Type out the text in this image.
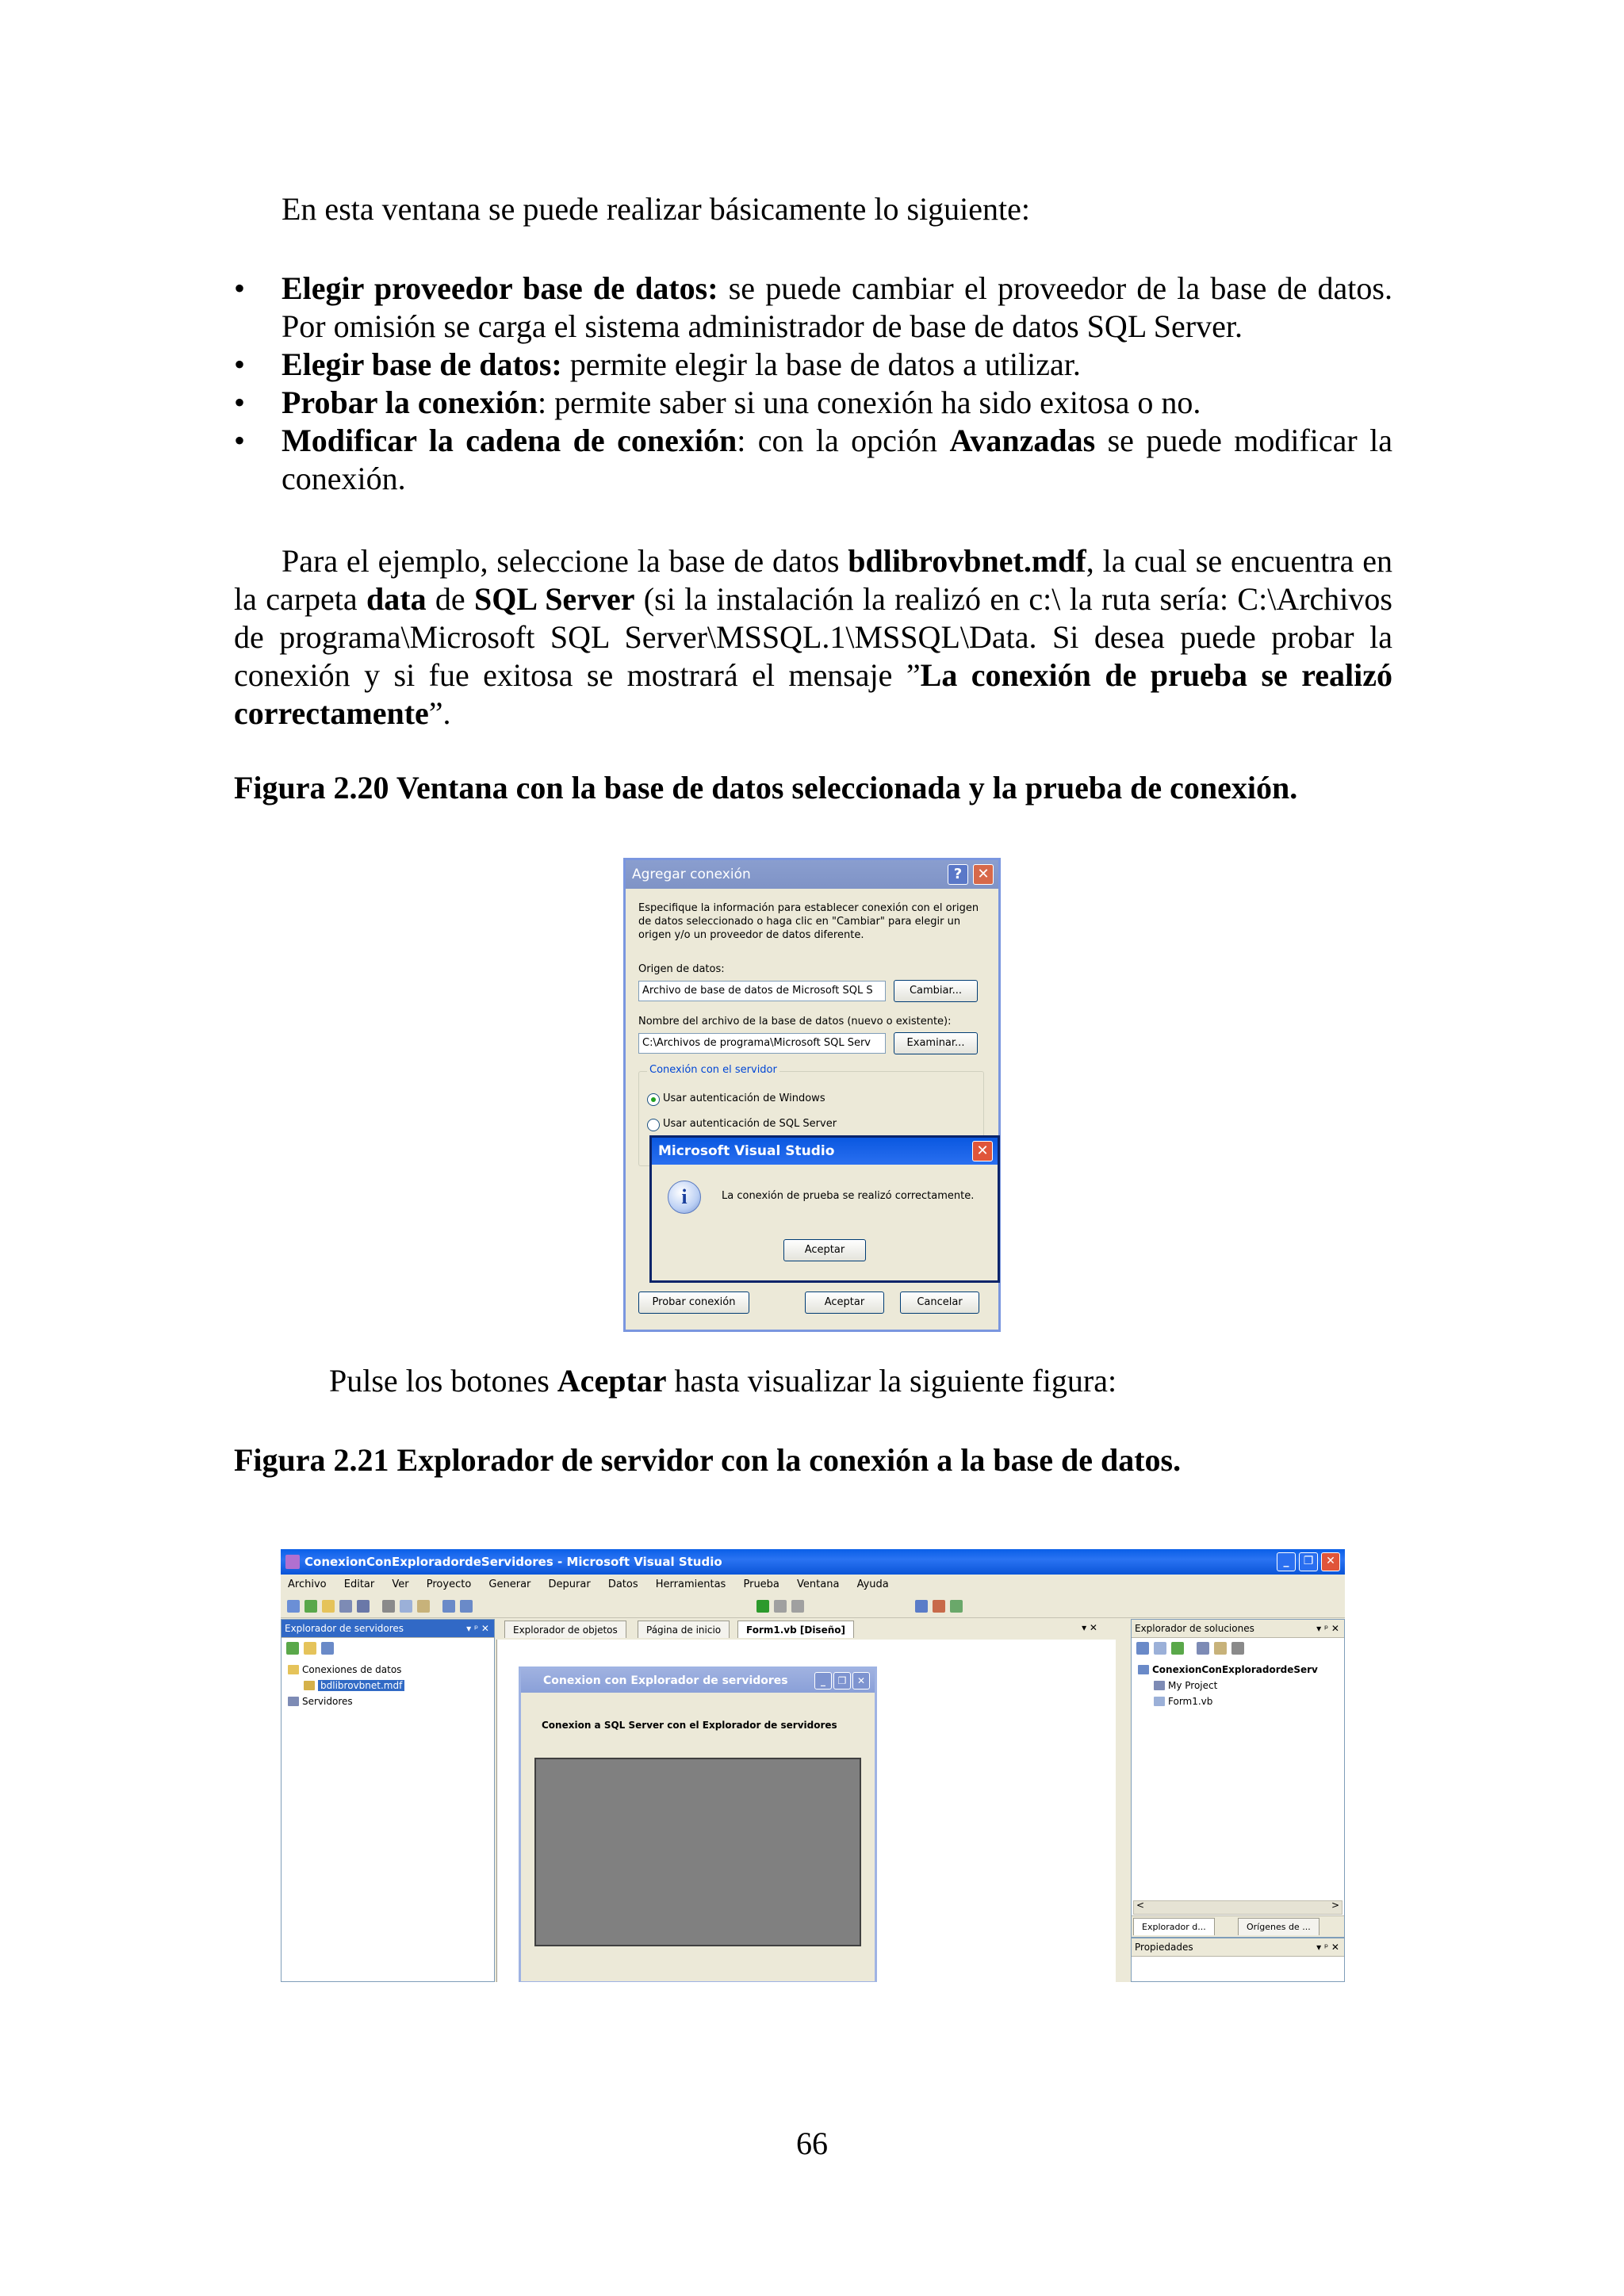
En esta ventana se puede realizar básicamente lo siguiente:
• Elegir proveedor base de datos: se puede cambiar el proveedor de la base de datos. Por omisión se carga el sistema administrador de base de datos SQL Server.
• Elegir base de datos: permite elegir la base de datos a utilizar.
• Probar la conexión: permite saber si una conexión ha sido exitosa o no.
• Modificar la cadena de conexión: con la opción Avanzadas se puede modificar la conexión.
Para el ejemplo, seleccione la base de datos bdlibrovbnet.mdf, la cual se encuentra en la carpeta data de SQL Server (si la instalación la realizó en c:\ la ruta sería: C:\Archivos de programa\Microsoft SQL Server\MSSQL.1\MSSQL\Data. Si desea puede probar la conexión y si fue exitosa se mostrará el mensaje ”La conexión de prueba se realizó correctamente”.
Figura 2.20 Ventana con la base de datos seleccionada y la prueba de conexión.
Agregar conexión	?	✕
Especifique la información para establecer conexión con el origen de datos seleccionado o haga clic en "Cambiar" para elegir un origen y/o un proveedor de datos diferente.
Origen de datos:
Archivo de base de datos de Microsoft SQL S	Cambiar...
Nombre del archivo de la base de datos (nuevo o existente):
C:\Archivos de programa\Microsoft SQL Serv	Examinar...
Conexión con el servidor
Usar autenticación de Windows
Usar autenticación de SQL Server
Probar conexión	Aceptar	Cancelar
Microsoft Visual Studio	✕
i	La conexión de prueba se realizó correctamente.
Aceptar
Pulse los botones Aceptar hasta visualizar la siguiente figura:
Figura 2.21 Explorador de servidor con la conexión a la base de datos.
ConexionConExploradordeServidores - Microsoft Visual Studio	_	❐	✕
Archivo Editar Ver Proyecto Generar Depurar Datos Herramientas Prueba Ventana Ayuda
Explorador de servidores	▾ ᵖ ✕
Conexiones de datos
bdlibrovbnet.mdf
Servidores
Explorador de objetos	Página de inicio	Form1.vb [Diseño]	▾ ✕
Conexion con Explorador de servidores	_	❐	✕
Conexion a SQL Server con el Explorador de servidores
Explorador de soluciones	▾ ᵖ ✕
ConexionConExploradordeServ
My Project
Form1.vb
<	>
Explorador d...	Orígenes de ...
Propiedades	▾ ᵖ ✕
66
